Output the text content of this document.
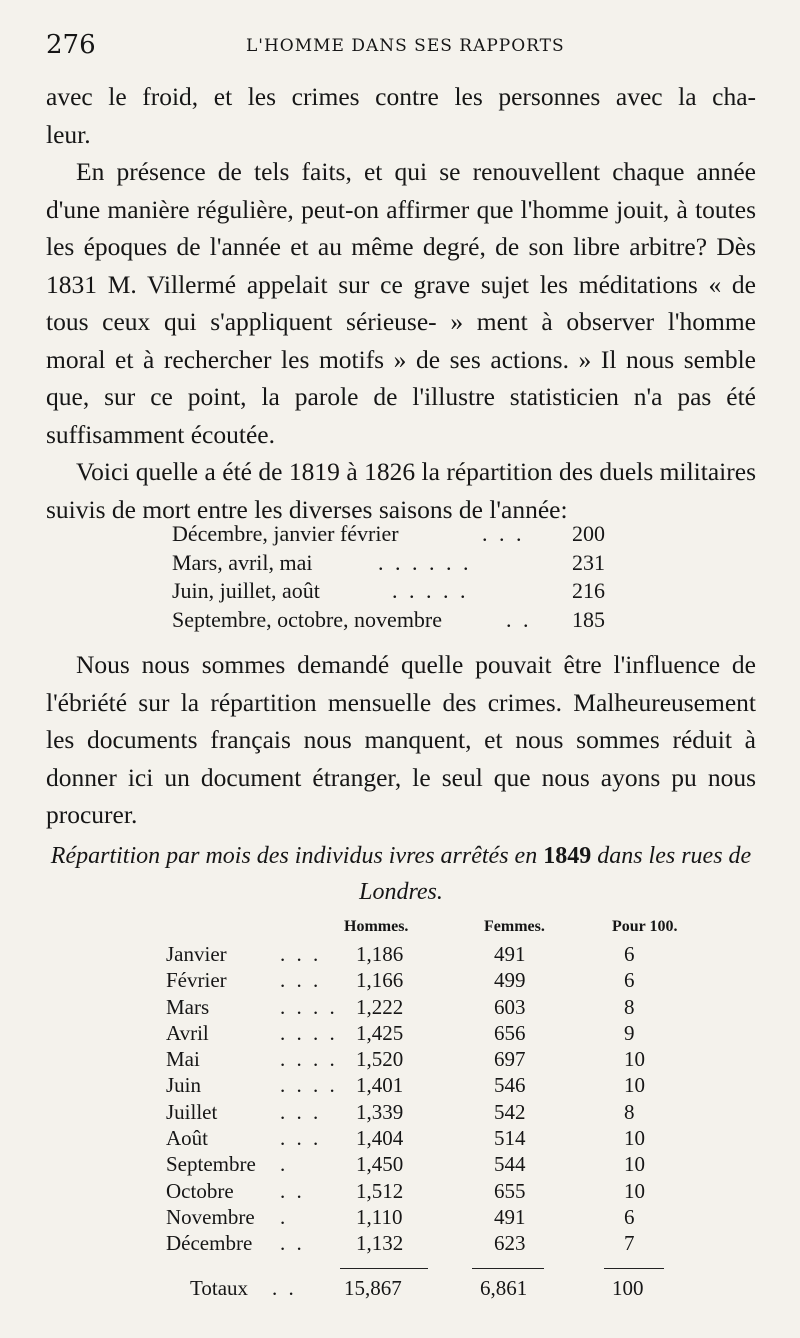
276	L'HOMME DANS SES RAPPORTS

avec le froid, et les crimes contre les personnes avec la cha-

leur.

En présence de tels faits, et qui se renouvellent chaque année d'une manière régulière, peut-on affirmer que l'homme jouit, à toutes les époques de l'année et au même degré, de son libre arbitre? Dès 1831 M. Villermé appelait sur ce grave sujet les méditations « de tous ceux qui s'appliquent sérieuse- » ment à observer l'homme moral et à rechercher les motifs » de ses actions. » Il nous semble que, sur ce point, la parole de l'illustre statisticien n'a pas été suffisamment écoutée.

Voici quelle a été de 1819 à 1826 la répartition des duels militaires suivis de mort entre les diverses saisons de l'année:

Décembre, janvier février	. . . 200
Mars, avril, mai	. . . . . .	231
Juin, juillet, août	. . . . .	216
Septembre, octobre, novembre	. . 185

Nous nous sommes demandé quelle pouvait être l'influence de l'ébriété sur la répartition mensuelle des crimes. Malheureusement les documents français nous manquent, et nous sommes réduit à donner ici un document étranger, le seul que nous ayons pu nous procurer.

Répartition par mois des individus ivres arrêtés en 1849 dans les rues de Londres.
Hommes.	Femmes.	Pour 100.
Janvier	. . . 1,186	491	6
Février	. . . 1,166	499	6
Mars	. . . . 1,222	603	8
Avril	. . . . 1,425	656	9
Mai	. . . . 1,520	697	10
Juin	. . . . 1,401	546	10
Juillet	. . . 1,339	542	8
Août	. . . 1,404	514	10
Septembre .	1,450	544	10
Octobre . . 1,512	655	10
Novembre .	1,110	491	6
Décembre . . 1,132	623	7
Totaux . . 15,867	6,861	100
